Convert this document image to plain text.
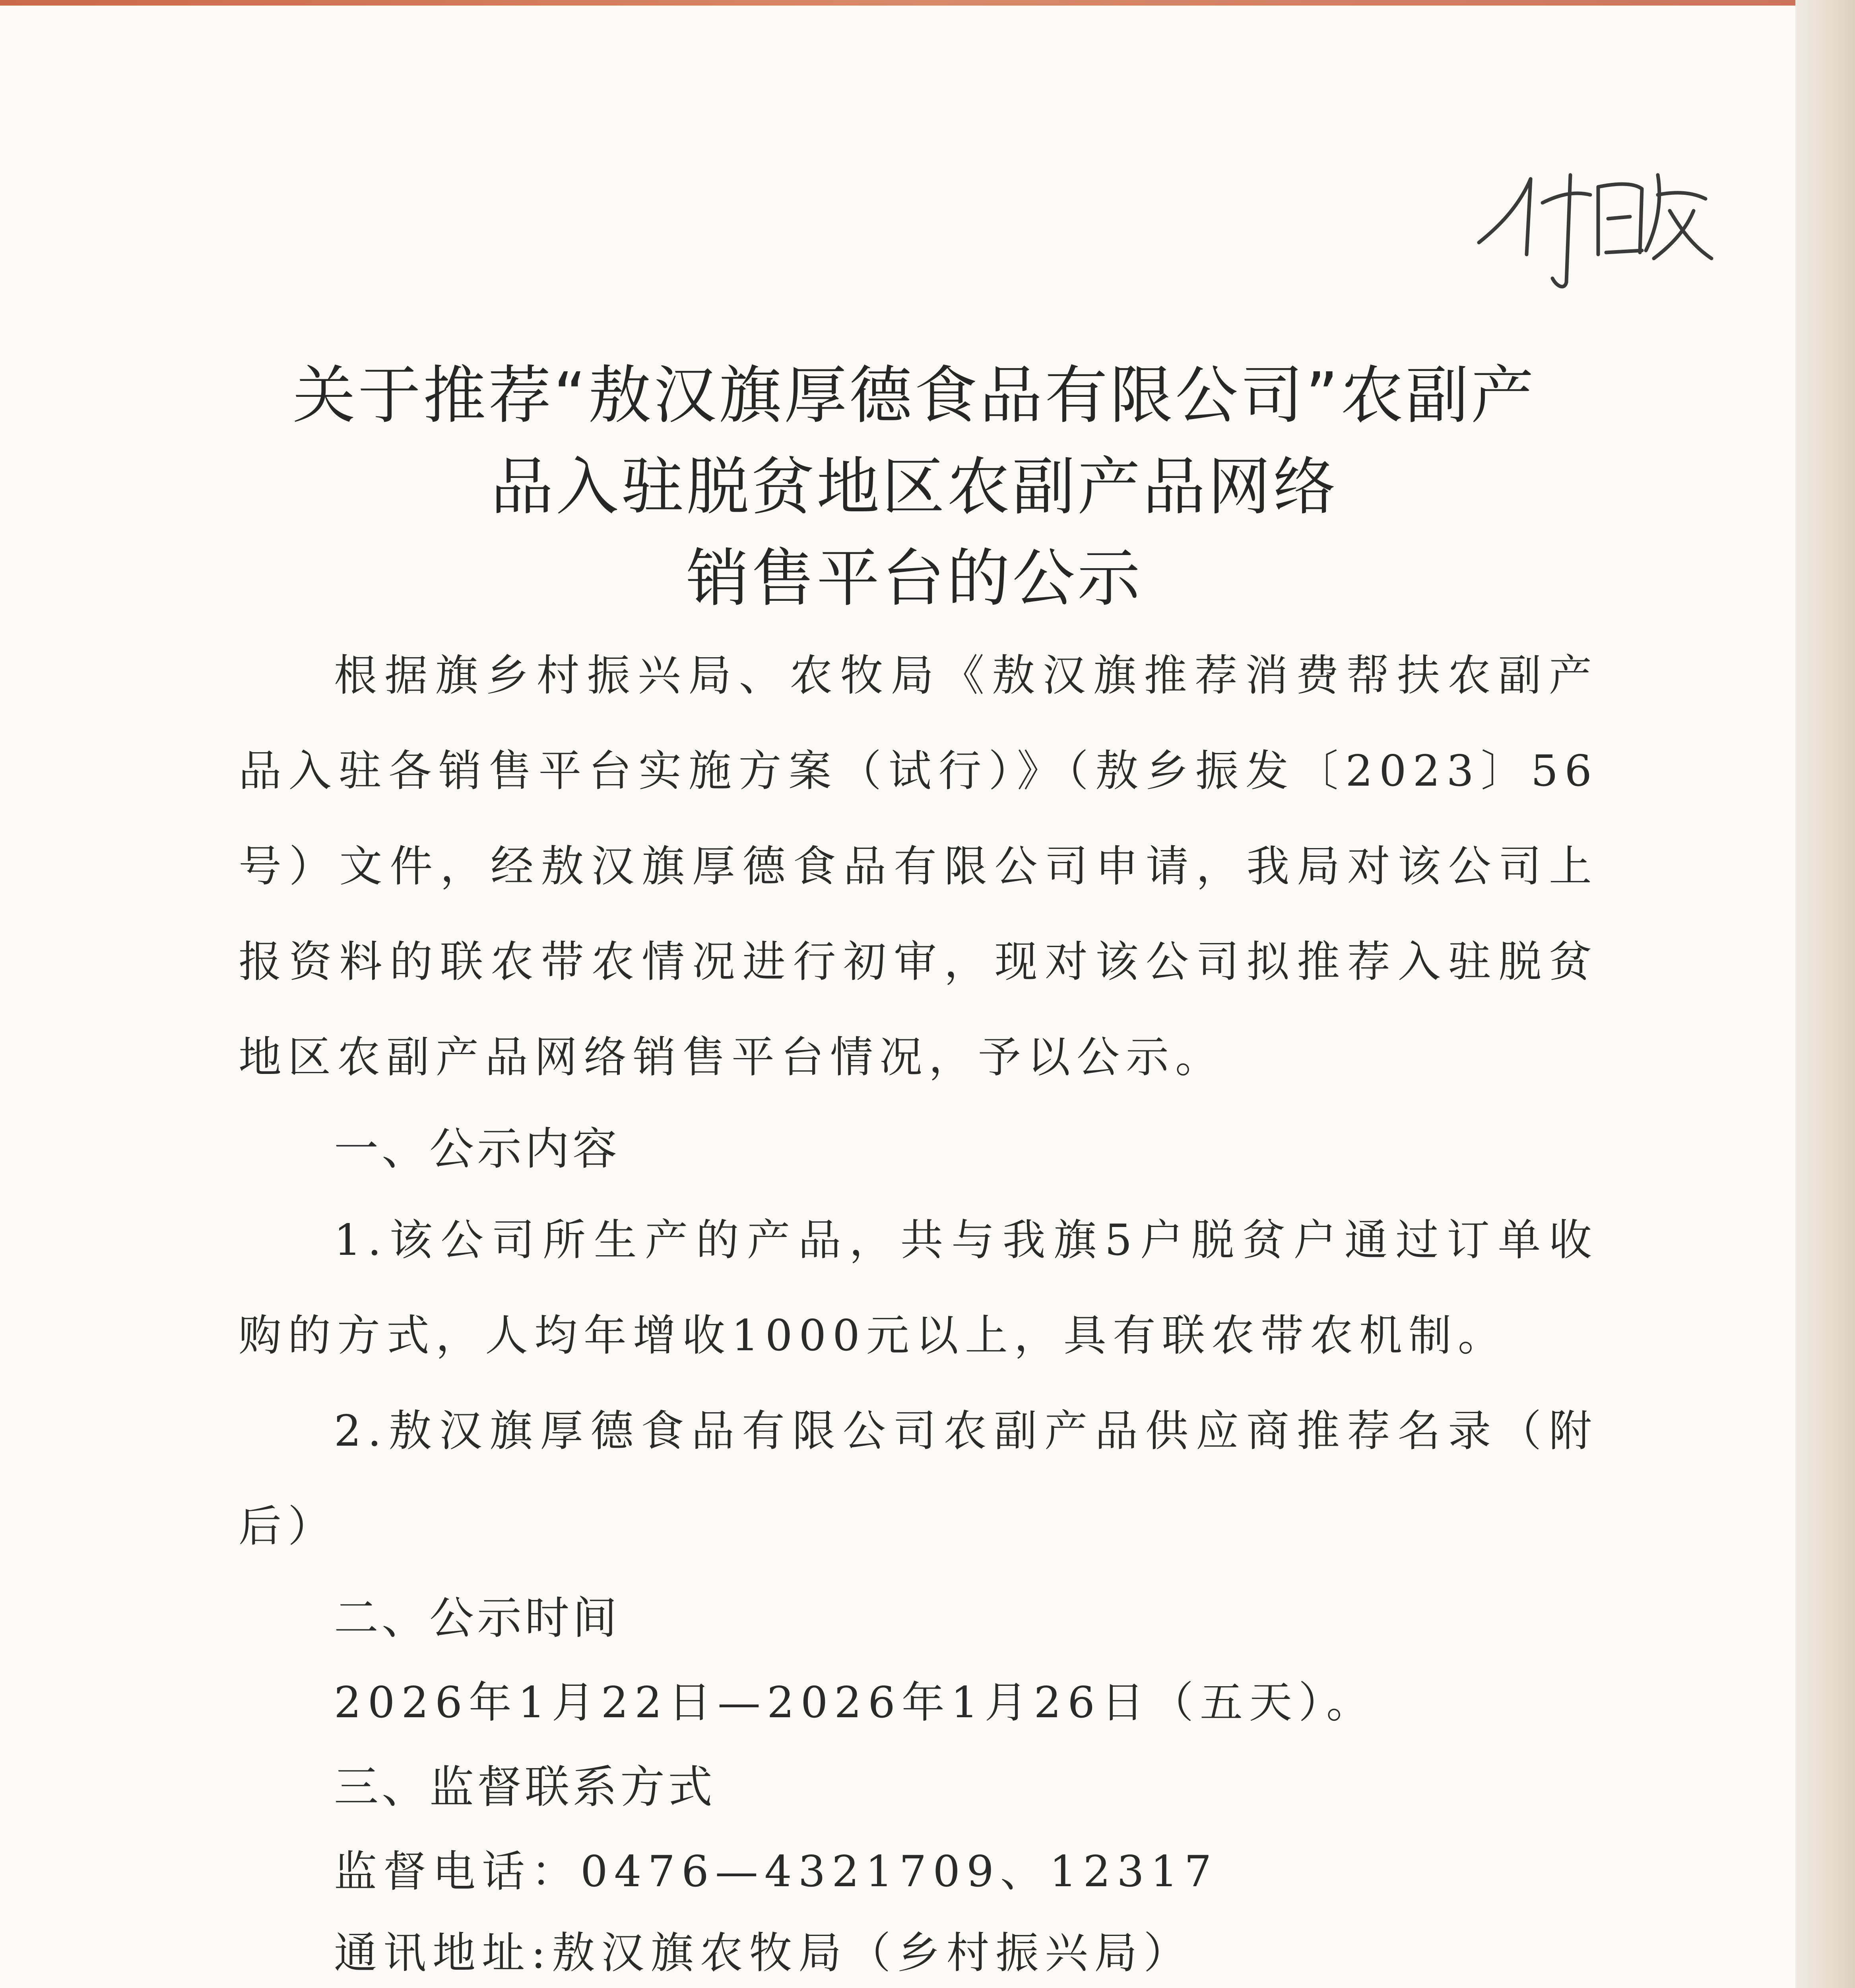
关于推荐“敖汉旗厚德食品有限公司”农副产
品入驻脱贫地区农副产品网络
销售平台的公示

根据旗乡村振兴局、农牧局《敖汉旗推荐消费帮扶农副产品入驻各销售平台实施方案（试行）》（敖乡振发〔2023〕56号）文件，经敖汉旗厚德食品有限公司申请，我局对该公司上报资料的联农带农情况进行初审，现对该公司拟推荐入驻脱贫地区农副产品网络销售平台情况，予以公示。

一、公示内容

1.该公司所生产的产品，共与我旗5户脱贫户通过订单收购的方式，人均年增收1000元以上，具有联农带农机制。

2.敖汉旗厚德食品有限公司农副产品供应商推荐名录（附后）

二、公示时间

2026年1月22日—2026年1月26日（五天）。

三、监督联系方式

监督电话：0476—4321709、12317

通讯地址:敖汉旗农牧局（乡村振兴局）
